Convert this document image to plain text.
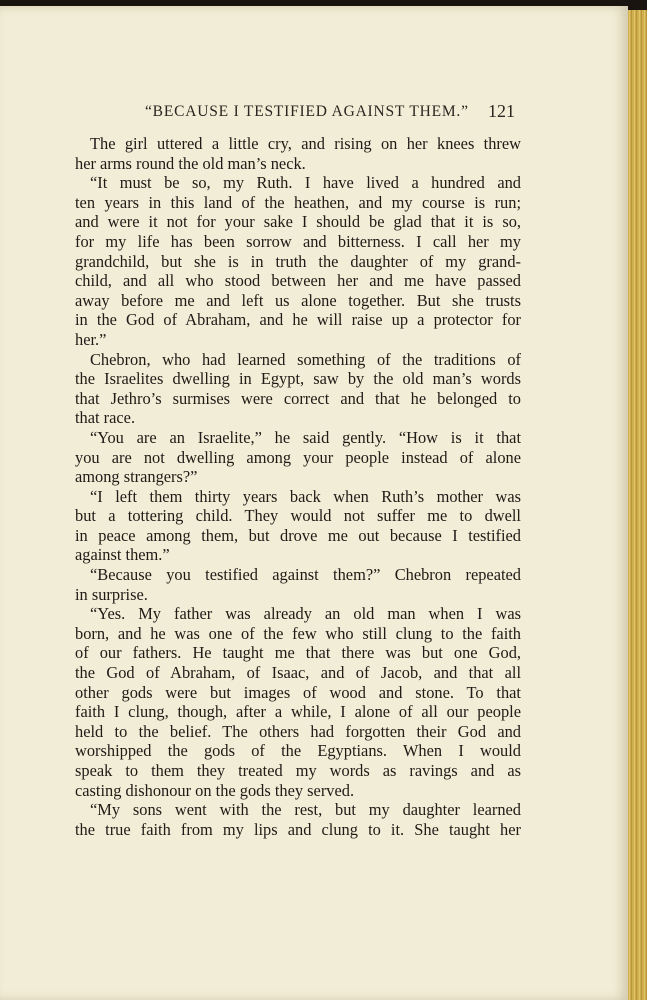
“BECAUSE I TESTIFIED AGAINST THEM.” 121
The girl uttered a little cry, and rising on her knees threw
her arms round the old man’s neck.
“It must be so, my Ruth. I have lived a hundred and
ten years in this land of the heathen, and my course is run;
and were it not for your sake I should be glad that it is so,
for my life has been sorrow and bitterness. I call her my
grandchild, but she is in truth the daughter of my grand-
child, and all who stood between her and me have passed
away before me and left us alone together. But she trusts
in the God of Abraham, and he will raise up a protector for
her.”
Chebron, who had learned something of the traditions of
the Israelites dwelling in Egypt, saw by the old man’s words
that Jethro’s surmises were correct and that he belonged to
that race.
“You are an Israelite,” he said gently. “How is it that
you are not dwelling among your people instead of alone
among strangers?”
“I left them thirty years back when Ruth’s mother was
but a tottering child. They would not suffer me to dwell
in peace among them, but drove me out because I testified
against them.”
“Because you testified against them?” Chebron repeated
in surprise.
“Yes. My father was already an old man when I was
born, and he was one of the few who still clung to the faith
of our fathers. He taught me that there was but one God,
the God of Abraham, of Isaac, and of Jacob, and that all
other gods were but images of wood and stone. To that
faith I clung, though, after a while, I alone of all our people
held to the belief. The others had forgotten their God and
worshipped the gods of the Egyptians. When I would
speak to them they treated my words as ravings and as
casting dishonour on the gods they served.
“My sons went with the rest, but my daughter learned
the true faith from my lips and clung to it. She taught her
